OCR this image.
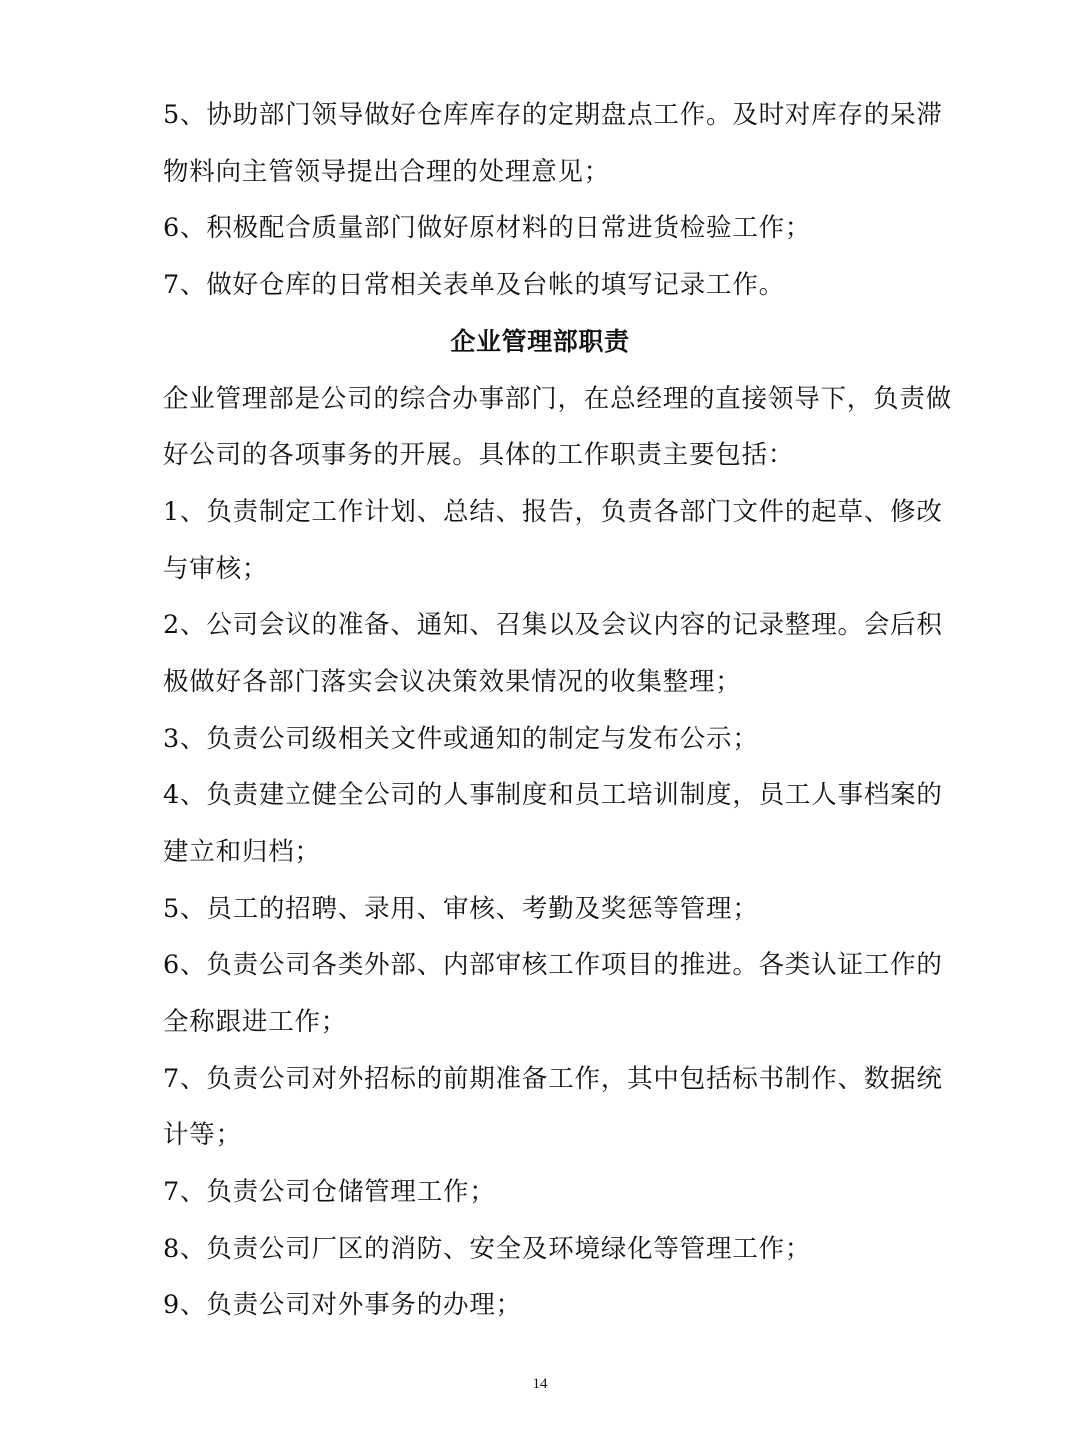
5、协助部门领导做好仓库库存的定期盘点工作。及时对库存的呆滞
物料向主管领导提出合理的处理意见；
6、积极配合质量部门做好原材料的日常进货检验工作；
7、做好仓库的日常相关表单及台帐的填写记录工作。
企业管理部职责
企业管理部是公司的综合办事部门，在总经理的直接领导下，负责做
好公司的各项事务的开展。具体的工作职责主要包括：
1、负责制定工作计划、总结、报告，负责各部门文件的起草、修改
与审核；
2、公司会议的准备、通知、召集以及会议内容的记录整理。会后积
极做好各部门落实会议决策效果情况的收集整理；
3、负责公司级相关文件或通知的制定与发布公示；
4、负责建立健全公司的人事制度和员工培训制度，员工人事档案的
建立和归档；
5、员工的招聘、录用、审核、考勤及奖惩等管理；
6、负责公司各类外部、内部审核工作项目的推进。各类认证工作的
全称跟进工作；
7、负责公司对外招标的前期准备工作，其中包括标书制作、数据统
计等；
7、负责公司仓储管理工作；
8、负责公司厂区的消防、安全及环境绿化等管理工作；
9、负责公司对外事务的办理；
14
